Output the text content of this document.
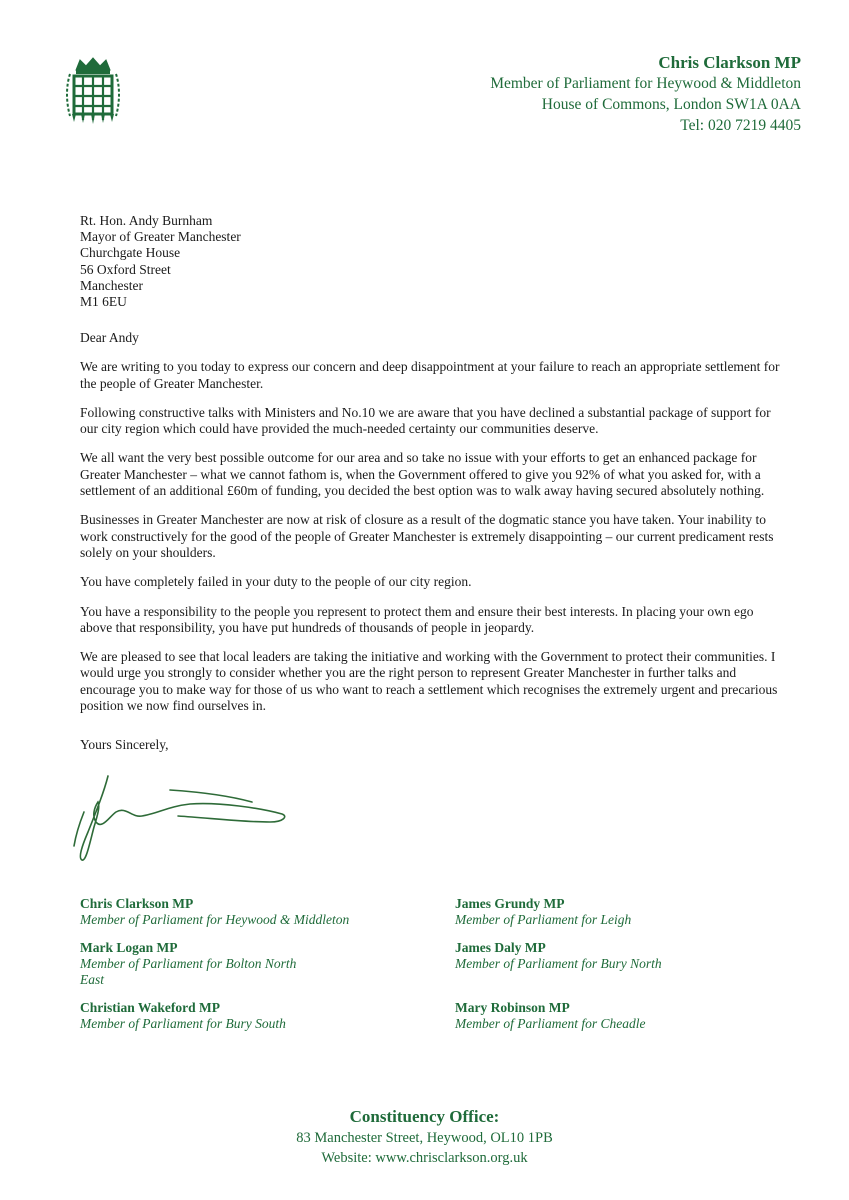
Chris Clarkson MP
Member of Parliament for Heywood & Middleton
House of Commons, London SW1A 0AA
Tel: 020 7219 4405
Rt. Hon. Andy Burnham
Mayor of Greater Manchester
Churchgate House
56 Oxford Street
Manchester
M1 6EU

Dear Andy

We are writing to you today to express our concern and deep disappointment at your failure to reach an appropriate settlement for the people of Greater Manchester.

Following constructive talks with Ministers and No.10 we are aware that you have declined a substantial package of support for our city region which could have provided the much-needed certainty our communities deserve.

We all want the very best possible outcome for our area and so take no issue with your efforts to get an enhanced package for Greater Manchester – what we cannot fathom is, when the Government offered to give you 92% of what you asked for, with a settlement of an additional £60m of funding, you decided the best option was to walk away having secured absolutely nothing.

Businesses in Greater Manchester are now at risk of closure as a result of the dogmatic stance you have taken. Your inability to work constructively for the good of the people of Greater Manchester is extremely disappointing – our current predicament rests solely on your shoulders.

You have completely failed in your duty to the people of our city region.

You have a responsibility to the people you represent to protect them and ensure their best interests. In placing your own ego above that responsibility, you have put hundreds of thousands of people in jeopardy.

We are pleased to see that local leaders are taking the initiative and working with the Government to protect their communities. I would urge you strongly to consider whether you are the right person to represent Greater Manchester in further talks and encourage you to make way for those of us who want to reach a settlement which recognises the extremely urgent and precarious position we now find ourselves in.

Yours Sincerely,
Chris Clarkson MP
Member of Parliament for Heywood & Middleton
Mark Logan MP
Member of Parliament for Bolton North East
Christian Wakeford MP
Member of Parliament for Bury South
James Grundy MP
Member of Parliament for Leigh
James Daly MP
Member of Parliament for Bury North
Mary Robinson MP
Member of Parliament for Cheadle
Constituency Office:
83 Manchester Street, Heywood, OL10 1PB
Website: www.chrisclarkson.org.uk
